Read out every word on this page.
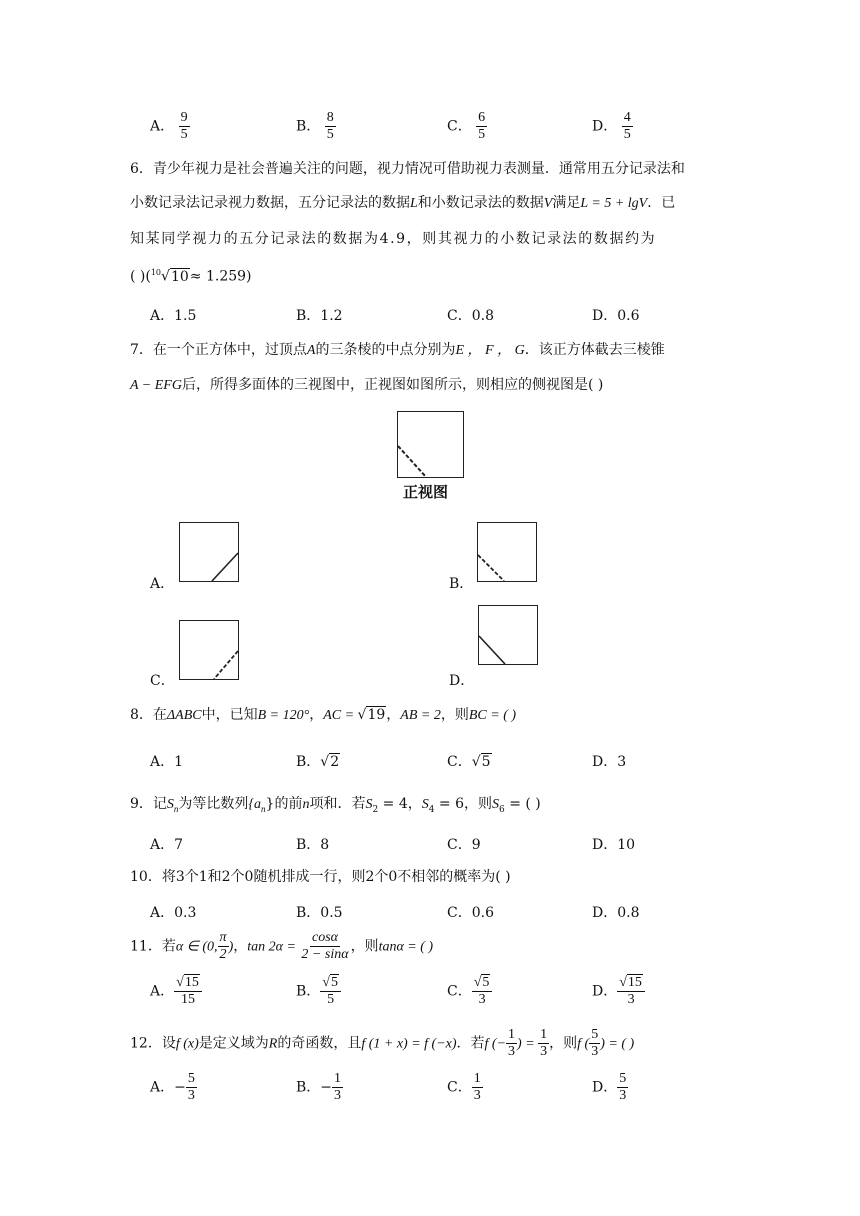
A． $\frac{9}{5}$	B． $\frac{8}{5}$	C． $\frac{6}{5}$	D． $\frac{4}{5}$
6．青少年视力是社会普遍关注的问题，视力情况可借助视力表测量．通常用五分记录法和
小数记录法记录视力数据，五分记录法的数据L和小数记录法的数据V满足L = 5 + lgV．已
知某同学视力的五分记录法的数据为4.9，则其视力的小数记录法的数据约为
( )($^{10}$√10≈ 1.259)
A．1.5	B．1.2	C．0.8	D．0.6
7．在一个正方体中，过顶点A的三条棱的中点分别为E ， F ， G．该正方体截去三棱锥
A − EFG后，所得多面体的三视图中，正视图如图所示，则相应的侧视图是( )
正视图
A．	B．
C．	D．
8．在ΔABC中，已知B = 120°，AC = √19，AB = 2，则BC = ( )
A．1	B．√2	C．√5	D．3
9．记$S_n$为等比数列$\{a_n\}$的前n项和．若$S_2 = 4$，$S_4 = 6$，则$S_6$ = ( )
A．7	B．8	C．9	D．10
10．将3个1和2个0随机排成一行，则2个0不相邻的概率为( )
A．0.3	B．0.5	C．0.6	D．0.8
11．若α ∈ (0, $\frac{\pi}{2}$ )，$\tan 2\alpha = \frac{\cos\alpha}{2 - \sin\alpha}$ ，则tanα = ( )
A． $\frac{√15}{15}$	B． $\frac{√5}{5}$	C． $\frac{√5}{3}$	D． $\frac{√15}{3}$
12．设f (x)是定义域为R的奇函数，且f (1 + x) = f (−x)．若f (− $\frac{1}{3}$ ) = $\frac{1}{3}$ ，则f ( $\frac{5}{3}$ ) = ( )
A．− $\frac{5}{3}$	B．− $\frac{1}{3}$	C． $\frac{1}{3}$	D． $\frac{5}{3}$
